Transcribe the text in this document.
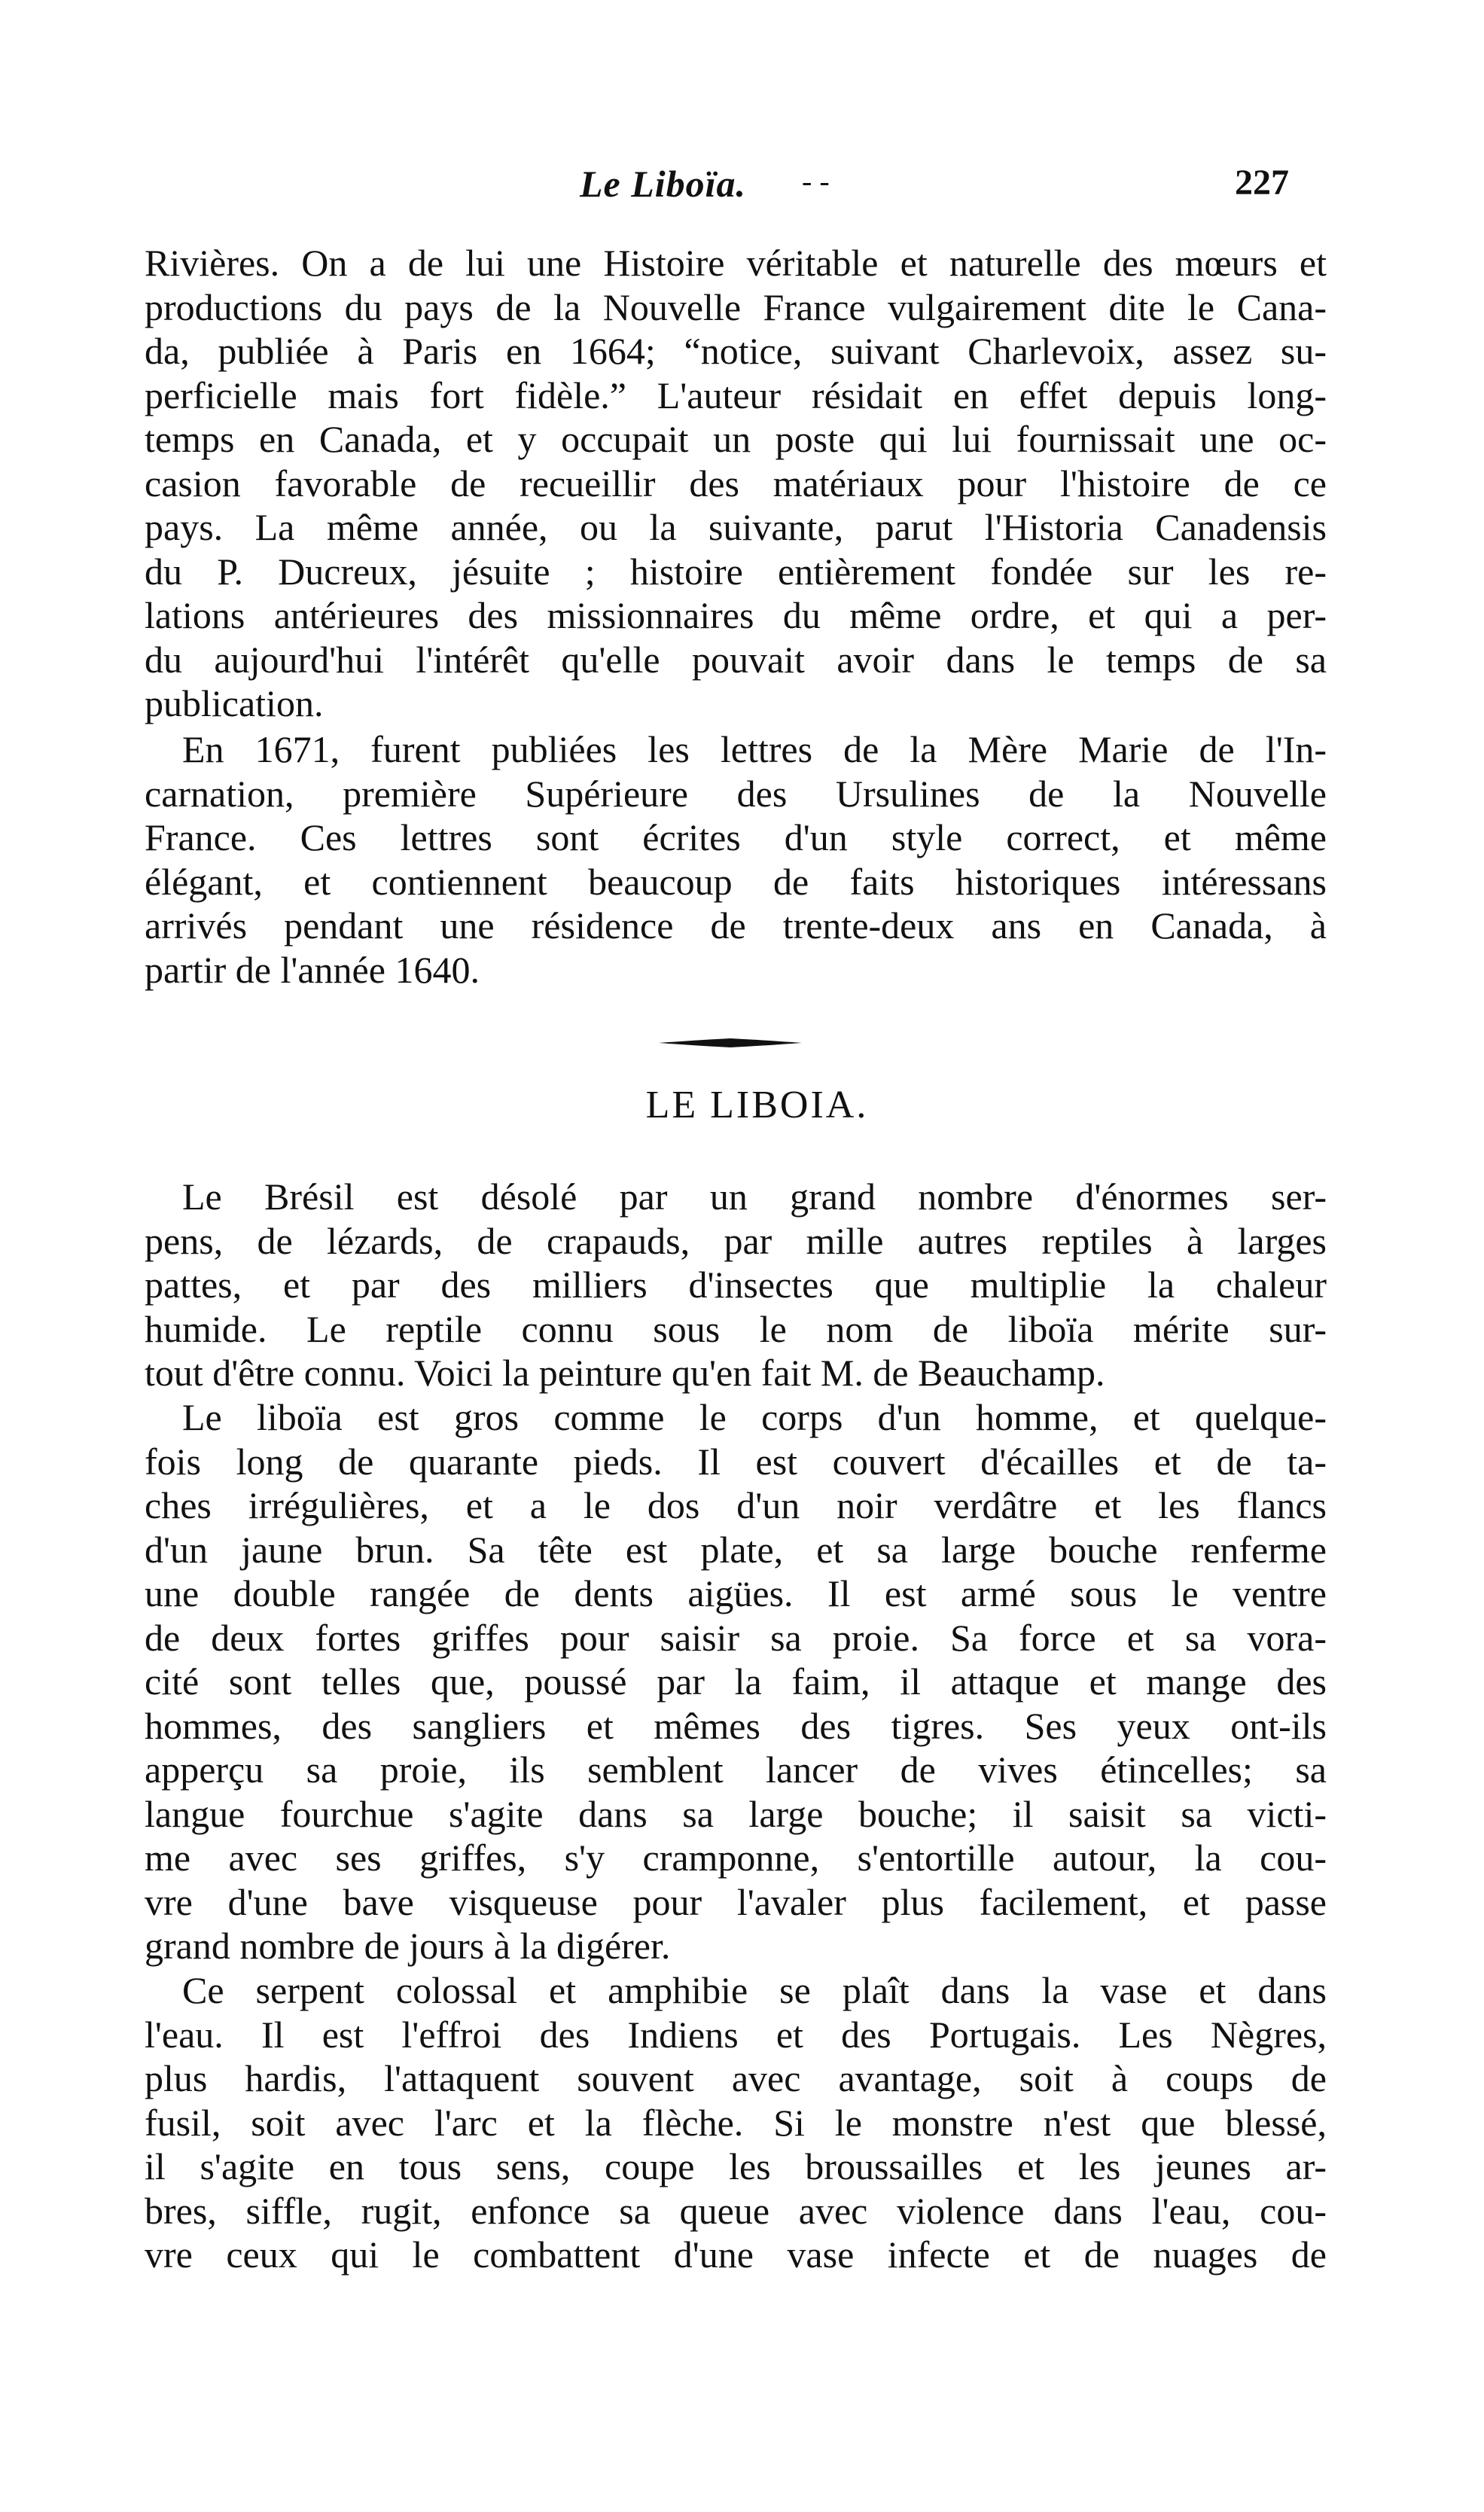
Le Liboïa. - -	227
Rivières. On a de lui une Histoire véritable et naturelle des mœurs et
productions du pays de la Nouvelle France vulgairement dite le Cana-
da, publiée à Paris en 1664; “notice, suivant Charlevoix, assez su-
perficielle mais fort fidèle.” L'auteur résidait en effet depuis long-
temps en Canada, et y occupait un poste qui lui fournissait une oc-
casion favorable de recueillir des matériaux pour l'histoire de ce
pays. La même année, ou la suivante, parut l'Historia Canadensis
du P. Ducreux, jésuite ; histoire entièrement fondée sur les re-
lations antérieures des missionnaires du même ordre, et qui a per-
du aujourd'hui l'intérêt qu'elle pouvait avoir dans le temps de sa
publication.
En 1671, furent publiées les lettres de la Mère Marie de l'In-
carnation, première Supérieure des Ursulines de la Nouvelle
France. Ces lettres sont écrites d'un style correct, et même
élégant, et contiennent beaucoup de faits historiques intéressans
arrivés pendant une résidence de trente-deux ans en Canada, à
partir de l'année 1640.
LE LIBOIA.
Le Brésil est désolé par un grand nombre d'énormes ser-
pens, de lézards, de crapauds, par mille autres reptiles à larges
pattes, et par des milliers d'insectes que multiplie la chaleur
humide. Le reptile connu sous le nom de liboïa mérite sur-
tout d'être connu. Voici la peinture qu'en fait M. de Beauchamp.
Le liboïa est gros comme le corps d'un homme, et quelque-
fois long de quarante pieds. Il est couvert d'écailles et de ta-
ches irrégulières, et a le dos d'un noir verdâtre et les flancs
d'un jaune brun. Sa tête est plate, et sa large bouche renferme
une double rangée de dents aigües. Il est armé sous le ventre
de deux fortes griffes pour saisir sa proie. Sa force et sa vora-
cité sont telles que, poussé par la faim, il attaque et mange des
hommes, des sangliers et mêmes des tigres. Ses yeux ont-ils
apperçu sa proie, ils semblent lancer de vives étincelles; sa
langue fourchue s'agite dans sa large bouche; il saisit sa victi-
me avec ses griffes, s'y cramponne, s'entortille autour, la cou-
vre d'une bave visqueuse pour l'avaler plus facilement, et passe
grand nombre de jours à la digérer.
Ce serpent colossal et amphibie se plaît dans la vase et dans
l'eau. Il est l'effroi des Indiens et des Portugais. Les Nègres,
plus hardis, l'attaquent souvent avec avantage, soit à coups de
fusil, soit avec l'arc et la flèche. Si le monstre n'est que blessé,
il s'agite en tous sens, coupe les broussailles et les jeunes ar-
bres, siffle, rugit, enfonce sa queue avec violence dans l'eau, cou-
vre ceux qui le combattent d'une vase infecte et de nuages de
